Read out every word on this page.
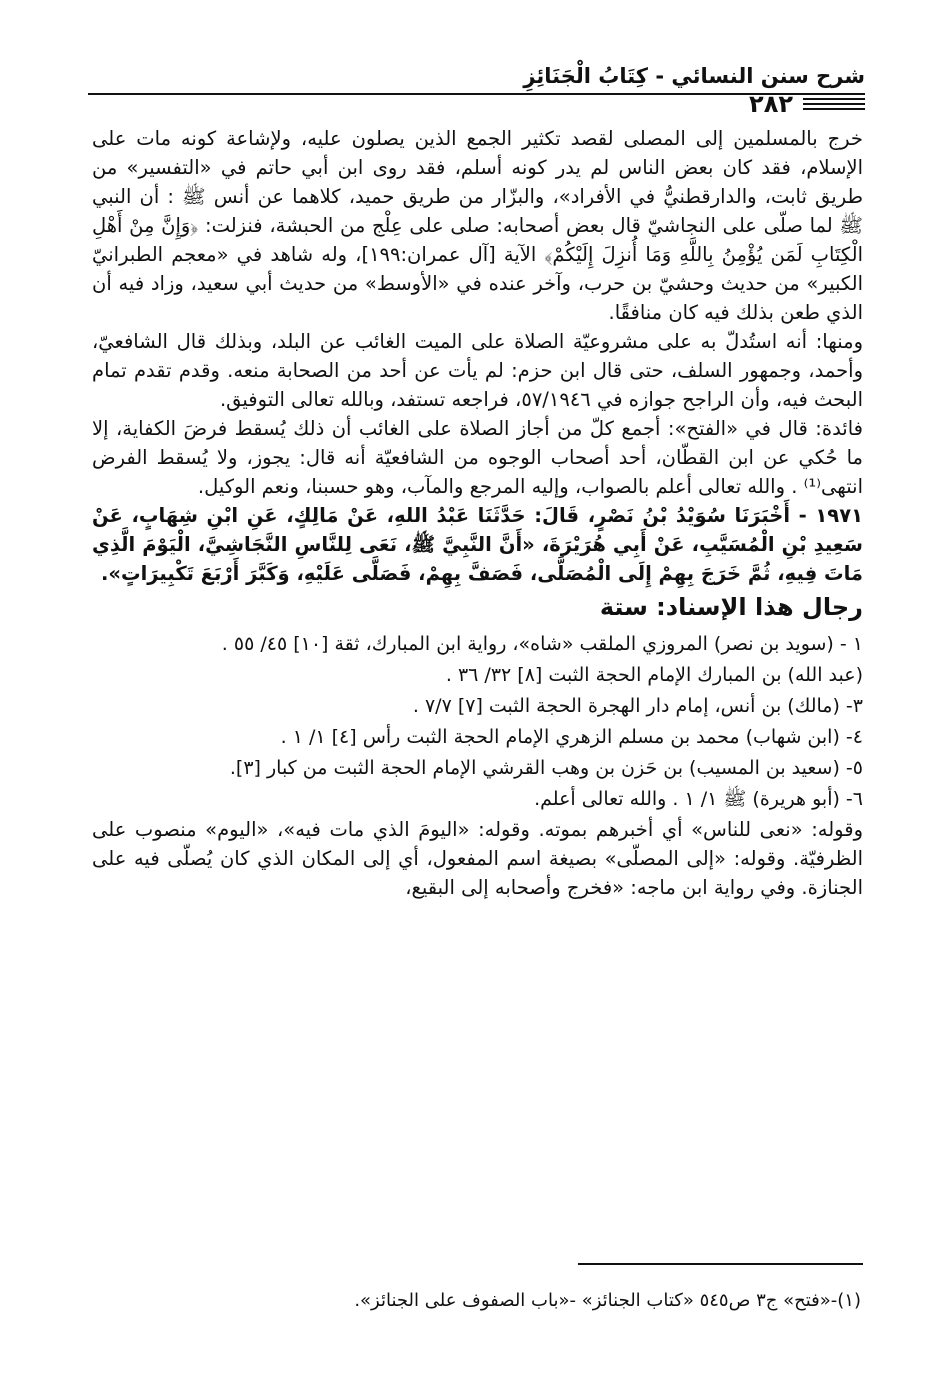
شرح سنن النسائي - كِتَابُ الْجَنَائِزِ
٢٨٢

خرج بالمسلمين إلى المصلى لقصد تكثير الجمع الذين يصلون عليه، ولإشاعة كونه مات على الإسلام، فقد كان بعض الناس لم يدر كونه أسلم، فقد روى ابن أبي حاتم في «التفسير» من طريق ثابت، والدارقطنيُّ في الأفراد»، والبزّار من طريق حميد، كلاهما عن أنس ﷺ : أن النبي ﷺ لما صلّى على النجاشيّ قال بعض أصحابه: صلى على عِلْج من الحبشة، فنزلت: ﴿وَإِنَّ مِنْ أَهْلِ الْكِتَابِ لَمَن يُؤْمِنُ بِاللَّهِ وَمَا أُنزِلَ إِلَيْكُمْ﴾ الآية [آل عمران:١٩٩]، وله شاهد في «معجم الطبرانيّ الكبير» من حديث وحشيّ بن حرب، وآخر عنده في «الأوسط» من حديث أبي سعيد، وزاد فيه أن الذي طعن بذلك فيه كان منافقًا.

ومنها: أنه استُدلّ به على مشروعيّة الصلاة على الميت الغائب عن البلد، وبذلك قال الشافعيّ، وأحمد، وجمهور السلف، حتى قال ابن حزم: لم يأت عن أحد من الصحابة منعه. وقدم تقدم تمام البحث فيه، وأن الراجح جوازه في ٥٧/١٩٤٦، فراجعه تستفد، وبالله تعالى التوفيق.

فائدة: قال في «الفتح»: أجمع كلّ من أجاز الصلاة على الغائب أن ذلك يُسقط فرضَ الكفاية، إلا ما حُكي عن ابن القطّان، أحد أصحاب الوجوه من الشافعيّة أنه قال: يجوز، ولا يُسقط الفرض انتهى⁽¹⁾ . والله تعالى أعلم بالصواب، وإليه المرجع والمآب، وهو حسبنا، ونعم الوكيل.

١٩٧١ - أَخْبَرَنَا سُوَيْدُ بْنُ نَصْرٍ، قَالَ: حَدَّثَنَا عَبْدُ اللهِ، عَنْ مَالِكٍ، عَنِ ابْنِ شِهَابٍ، عَنْ سَعِيدِ بْنِ الْمُسَيَّبِ، عَنْ أَبِي هُرَيْرَةَ، «أَنَّ النَّبِيَّ ﷺ، نَعَى لِلنَّاسِ النَّجَاشِيَّ، الْيَوْمَ الَّذِي مَاتَ فِيهِ، ثُمَّ خَرَجَ بِهِمْ إِلَى الْمُصَلَّى، فَصَفَّ بِهِمْ، فَصَلَّى عَلَيْهِ، وَكَبَّرَ أَرْبَعَ تَكْبِيرَاتٍ».

رجال هذا الإسناد: ستة

١ - (سويد بن نصر) المروزي الملقب «شاه»، رواية ابن المبارك، ثقة [١٠] ٤٥/ ٥٥ .

(عبد الله) بن المبارك الإمام الحجة الثبت [٨] ٣٢/ ٣٦ .

٣- (مالك) بن أنس، إمام دار الهجرة الحجة الثبت [٧] ٧/٧ .

٤- (ابن شهاب) محمد بن مسلم الزهري الإمام الحجة الثبت رأس [٤] ١/ ١ .

٥- (سعيد بن المسيب) بن حَزن بن وهب القرشي الإمام الحجة الثبت من كبار [٣].

٦- (أبو هريرة) ﷺ ١/ ١ . والله تعالى أعلم.

وقوله: «نعى للناس» أي أخبرهم بموته. وقوله: «اليومَ الذي مات فيه»، «اليوم» منصوب على الظرفيّة. وقوله: «إلى المصلّى» بصيغة اسم المفعول، أي إلى المكان الذي كان يُصلّى فيه على الجنازة. وفي رواية ابن ماجه: «فخرج وأصحابه إلى البقيع،

(١)-«فتح» ج٣ ص٥٤٥ «كتاب الجنائز» -«باب الصفوف على الجنائز».
